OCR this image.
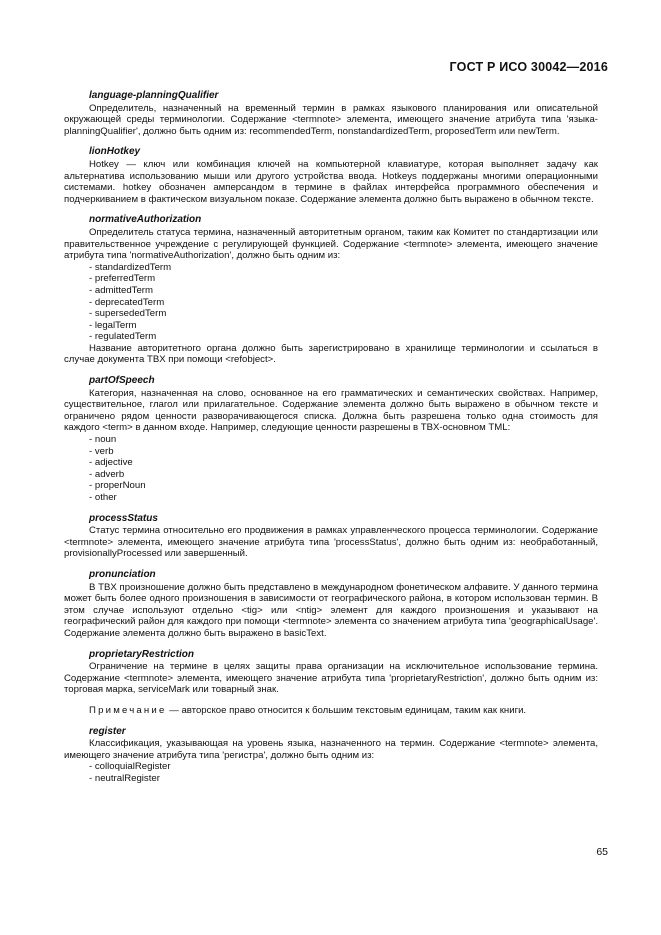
ГОСТ Р ИСО 30042—2016
language-planningQualifier

Определитель, назначенный на временный термин в рамках языкового планирования или описательной окружающей среды терминологии. Содержание <termnote> элемента, имеющего значение атрибута типа 'языка-planningQualifier', должно быть одним из: recommendedTerm, nonstandardizedTerm, proposedTerm или newTerm.

lionHotkey

Hotkey — ключ или комбинация ключей на компьютерной клавиатуре, которая выполняет задачу как альтернатива использованию мыши или другого устройства ввода. Hotkeys поддержаны многими операционными системами. hotkey обозначен амперсандом в термине в файлах интерфейса программного обеспечения и подчеркиванием в фактическом визуальном показе. Содержание элемента должно быть выражено в обычном тексте.

normativeAuthorization

Определитель статуса термина, назначенный авторитетным органом, таким как Комитет по стандартизации или правительственное учреждение с регулирующей функцией. Содержание <termnote> элемента, имеющего значение атрибута типа 'normativeAuthorization', должно быть одним из:

- standardizedTerm
- preferredTerm
- admittedTerm
- deprecatedTerm
- supersededTerm
- legalTerm
- regulatedTerm

Название авторитетного органа должно быть зарегистрировано в хранилище терминологии и ссылаться в случае документа TBX при помощи <refobject>.

partOfSpeech

Категория, назначенная на слово, основанное на его грамматических и семантических свойствах. Например, существительное, глагол или прилагательное. Содержание элемента должно быть выражено в обычном тексте и ограничено рядом ценности разворачивающегося списка. Должна быть разрешена только одна стоимость для каждого <term> в данном входе. Например, следующие ценности разрешены в TBX-основном TML:

- noun
- verb
- adjective
- adverb
- properNoun
- other
processStatus

Статус термина относительно его продвижения в рамках управленческого процесса терминологии. Содержание <termnote> элемента, имеющего значение атрибута типа 'processStatus', должно быть одним из: необработанный, provisionallyProcessed или завершенный.

pronunciation

В TBX произношение должно быть представлено в международном фонетическом алфавите. У данного термина может быть более одного произношения в зависимости от географического района, в котором использован термин. В этом случае используют отдельно <tig> или <ntig> элемент для каждого произношения и указывают на географический район для каждого при помощи <termnote> элемента со значением атрибута типа 'geographicalUsage'. Содержание элемента должно быть выражено в basicText.

proprietaryRestriction

Ограничение на термине в целях защиты права организации на исключительное использование термина. Содержание <termnote> элемента, имеющего значение атрибута типа 'proprietaryRestriction', должно быть одним из: торговая марка, serviceMark или товарный знак.

Примечание — авторское право относится к большим текстовым единицам, таким как книги.

register

Классификация, указывающая на уровень языка, назначенного на термин. Содержание <termnote> элемента, имеющего значение атрибута типа 'регистра', должно быть одним из:

- colloquialRegister
- neutralRegister
65
